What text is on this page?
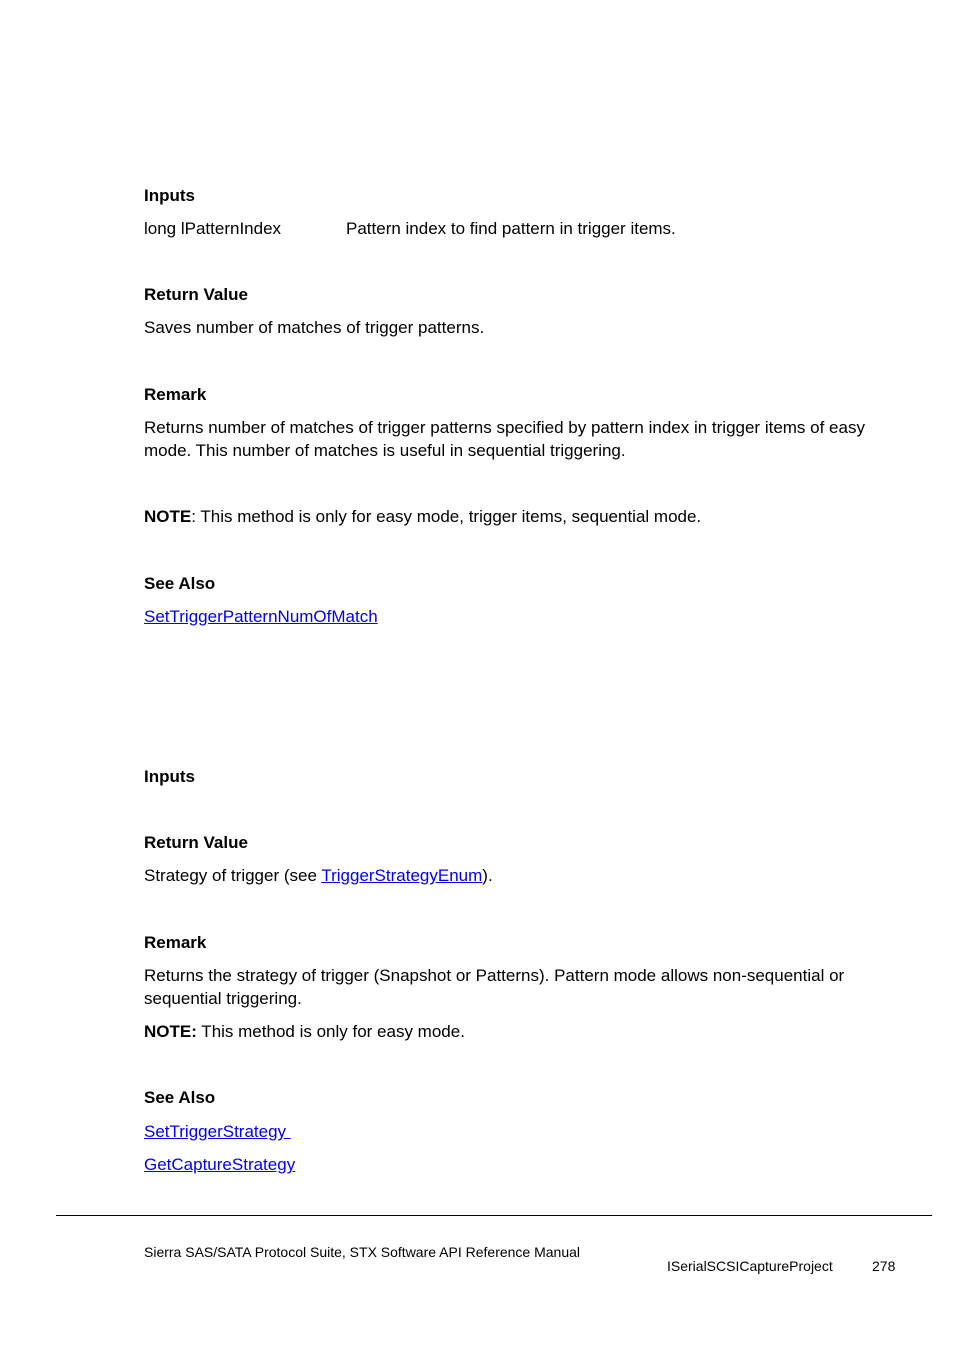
Inputs
long lPatternIndex	Pattern index to find pattern in trigger items.
Return Value
Saves number of matches of trigger patterns.
Remark
Returns number of matches of trigger patterns specified by pattern index in trigger items of easy mode. This number of matches is useful in sequential triggering.
NOTE: This method is only for easy mode, trigger items, sequential mode.
See Also
SetTriggerPatternNumOfMatch
Inputs
Return Value
Strategy of trigger (see TriggerStrategyEnum).
Remark
Returns the strategy of trigger (Snapshot or Patterns). Pattern mode allows non-sequential or sequential triggering.
NOTE: This method is only for easy mode.
See Also
SetTriggerStrategy
GetCaptureStrategy
Sierra SAS/SATA Protocol Suite, STX Software API Reference Manual
ISerialSCSICaptureProject	278
